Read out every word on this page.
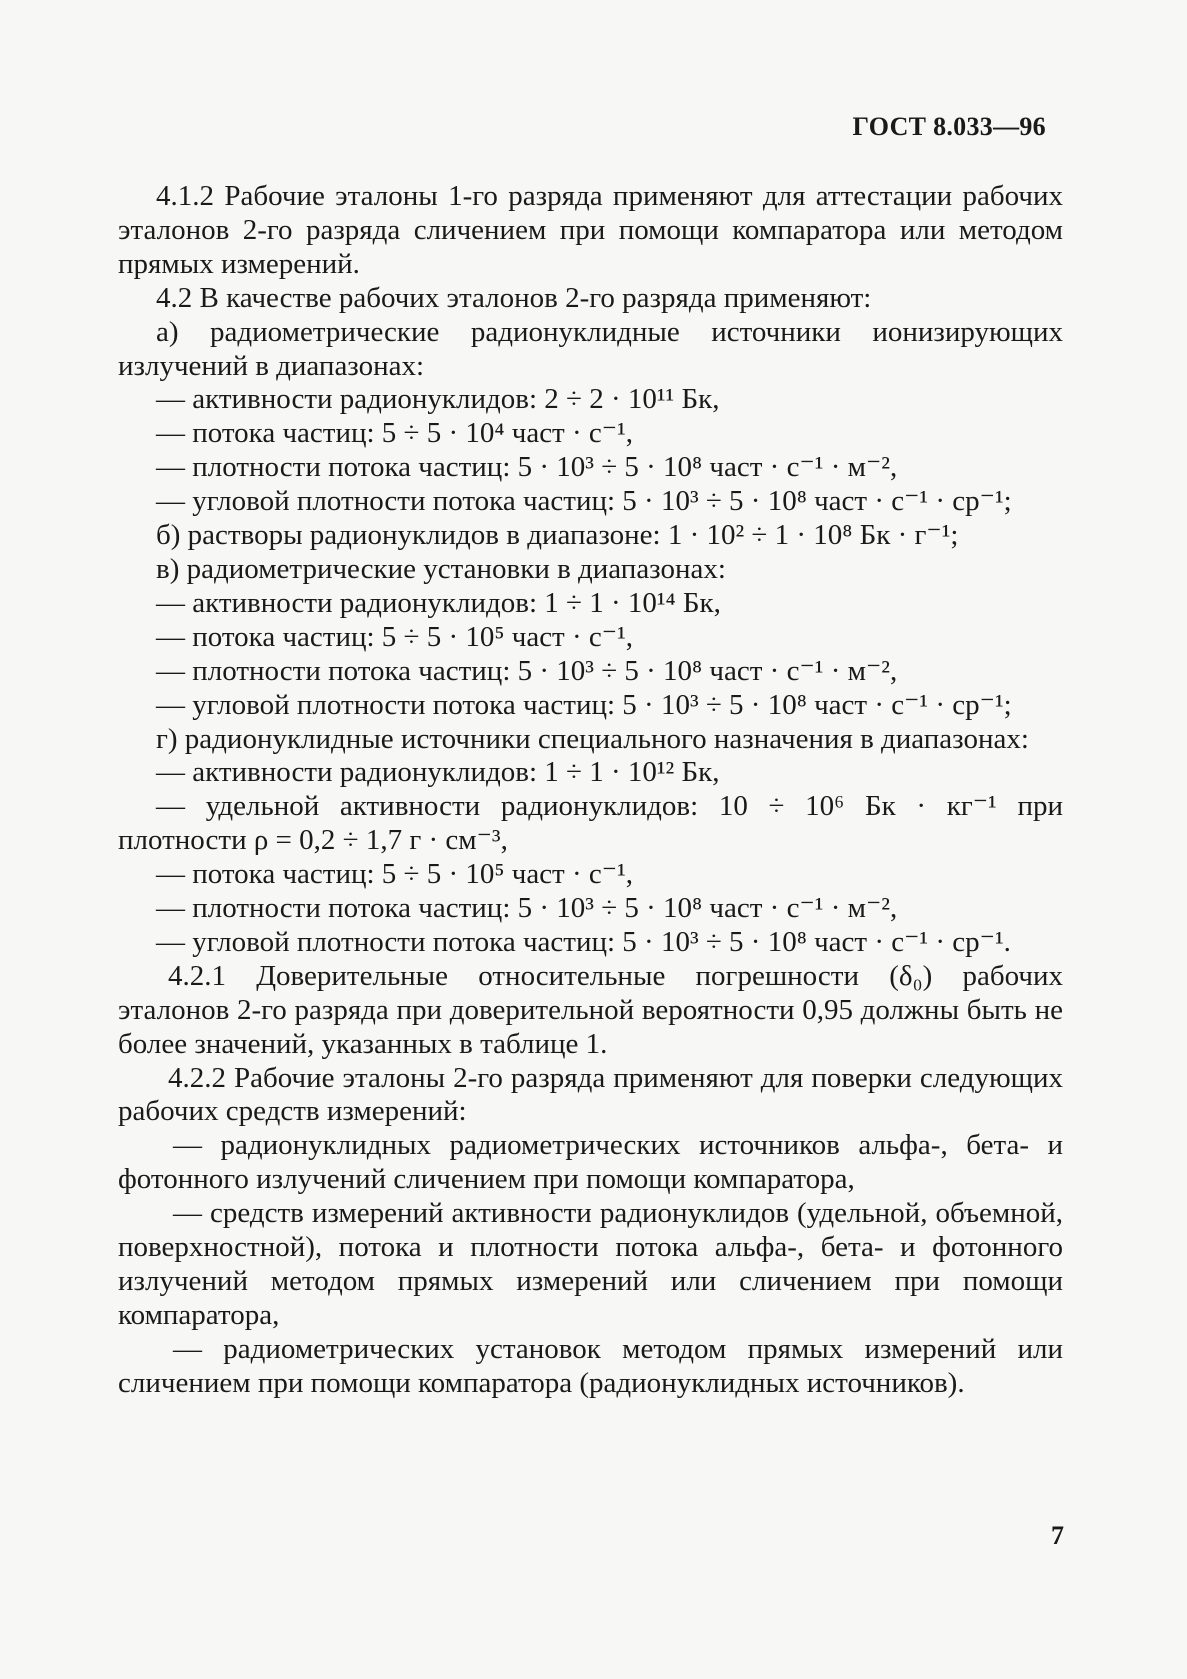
ГОСТ 8.033—96

4.1.2 Рабочие эталоны 1-го разряда применяют для аттестации рабочих эталонов 2-го разряда сличением при помощи компаратора или методом прямых измерений.

4.2 В качестве рабочих эталонов 2-го разряда применяют:

а) радиометрические радионуклидные источники ионизирующих излучений в диапазонах:

— активности радионуклидов: 2 ÷ 2 · 10¹¹ Бк,

— потока частиц: 5 ÷ 5 · 10⁴ част · с⁻¹,

— плотности потока частиц: 5 · 10³ ÷ 5 · 10⁸ част · с⁻¹ · м⁻²,

— угловой плотности потока частиц: 5 · 10³ ÷ 5 · 10⁸ част · с⁻¹ · ср⁻¹;

б) растворы радионуклидов в диапазоне: 1 · 10² ÷ 1 · 10⁸ Бк · г⁻¹;

в) радиометрические установки в диапазонах:

— активности радионуклидов: 1 ÷ 1 · 10¹⁴ Бк,

— потока частиц: 5 ÷ 5 · 10⁵ част · с⁻¹,

— плотности потока частиц: 5 · 10³ ÷ 5 · 10⁸ част · с⁻¹ · м⁻²,

— угловой плотности потока частиц: 5 · 10³ ÷ 5 · 10⁸ част · с⁻¹ · ср⁻¹;

г) радионуклидные источники специального назначения в диапазонах:

— активности радионуклидов: 1 ÷ 1 · 10¹² Бк,

— удельной активности радионуклидов: 10 ÷ 10⁶ Бк · кг⁻¹ при плотности ρ = 0,2 ÷ 1,7 г · см⁻³,

— потока частиц: 5 ÷ 5 · 10⁵ част · с⁻¹,

— плотности потока частиц: 5 · 10³ ÷ 5 · 10⁸ част · с⁻¹ · м⁻²,

— угловой плотности потока частиц: 5 · 10³ ÷ 5 · 10⁸ част · с⁻¹ · ср⁻¹.

4.2.1 Доверительные относительные погрешности (δ₀) рабочих эталонов 2-го разряда при доверительной вероятности 0,95 должны быть не более значений, указанных в таблице 1.

4.2.2 Рабочие эталоны 2-го разряда применяют для поверки следующих рабочих средств измерений:

— радионуклидных радиометрических источников альфа-, бета- и фотонного излучений сличением при помощи компаратора,

— средств измерений активности радионуклидов (удельной, объемной, поверхностной), потока и плотности потока альфа-, бета- и фотонного излучений методом прямых измерений или сличением при помощи компаратора,

— радиометрических установок методом прямых измерений или сличением при помощи компаратора (радионуклидных источников).

7
